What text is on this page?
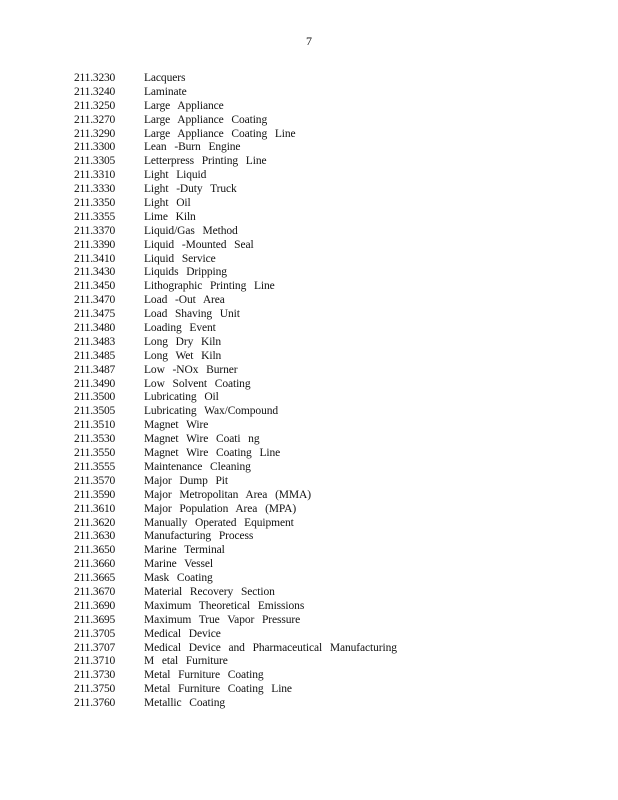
7
211.3230	Lacquers
211.3240	Laminate
211.3250	Large Appliance
211.3270	Large Appliance Coating
211.3290	Large Appliance Coating Line
211.3300	Lean -Burn Engine
211.3305	Letterpress Printing Line
211.3310	Light Liquid
211.3330	Light -Duty Truck
211.3350	Light Oil
211.3355	Lime Kiln
211.3370	Liquid/Gas Method
211.3390	Liquid -Mounted Seal
211.3410	Liquid Service
211.3430	Liquids Dripping
211.3450	Lithographic Printing Line
211.3470	Load -Out Area
211.3475	Load Shaving Unit
211.3480	Loading Event
211.3483	Long Dry Kiln
211.3485	Long Wet Kiln
211.3487	Low -NOx Burner
211.3490	Low Solvent Coating
211.3500	Lubricating Oil
211.3505	Lubricating Wax/Compound
211.3510	Magnet Wire
211.3530	Magnet Wire Coati ng
211.3550	Magnet Wire Coating Line
211.3555	Maintenance Cleaning
211.3570	Major Dump Pit
211.3590	Major Metropolitan Area (MMA)
211.3610	Major Population Area (MPA)
211.3620	Manually Operated Equipment
211.3630	Manufacturing Process
211.3650	Marine Terminal
211.3660	Marine Vessel
211.3665	Mask Coating
211.3670	Material Recovery Section
211.3690	Maximum Theoretical Emissions
211.3695	Maximum True Vapor Pressure
211.3705	Medical Device
211.3707	Medical Device and Pharmaceutical Manufacturing
211.3710	M etal Furniture
211.3730	Metal Furniture Coating
211.3750	Metal Furniture Coating Line
211.3760	Metallic Coating
